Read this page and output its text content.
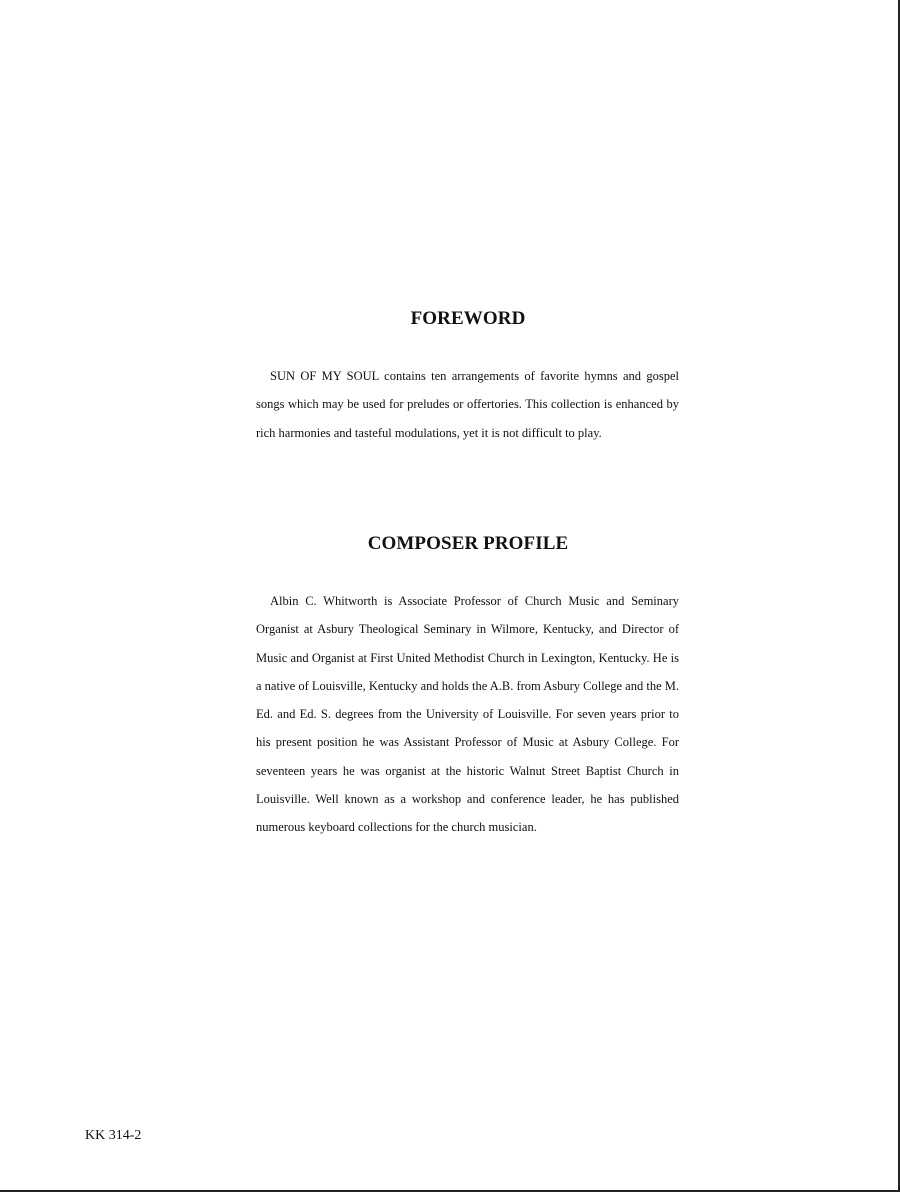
FOREWORD

SUN OF MY SOUL contains ten arrangements of favorite hymns and gospel songs which may be used for preludes or offertories. This collection is enhanced by rich harmonies and tasteful modulations, yet it is not difficult to play.

COMPOSER PROFILE

Albin C. Whitworth is Associate Professor of Church Music and Seminary Organist at Asbury Theological Seminary in Wilmore, Kentucky, and Director of Music and Organist at First United Methodist Church in Lexington, Kentucky. He is a native of Louisville, Kentucky and holds the A.B. from Asbury College and the M. Ed. and Ed. S. degrees from the University of Louisville. For seven years prior to his present position he was Assistant Professor of Music at Asbury College. For seventeen years he was organist at the historic Walnut Street Baptist Church in Louisville. Well known as a workshop and conference leader, he has published numerous keyboard collections for the church musician.

KK 314-2
